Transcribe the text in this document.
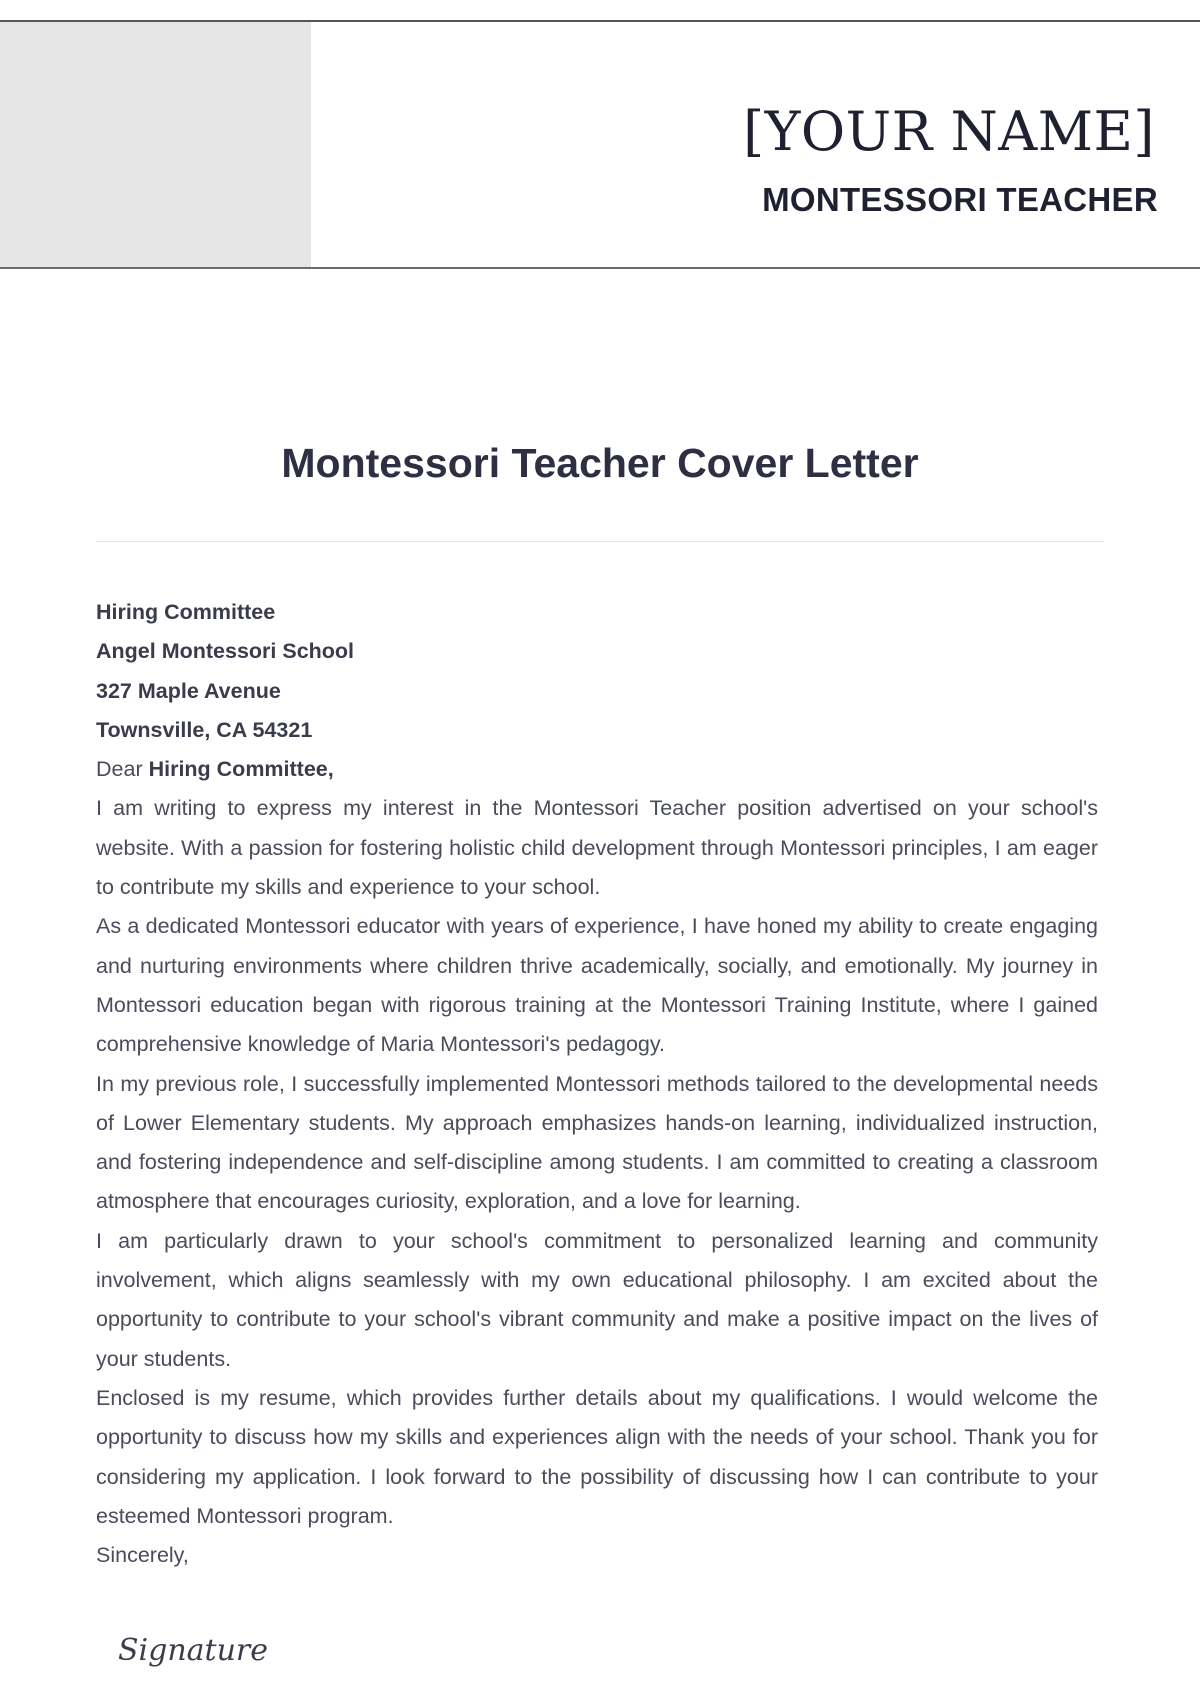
[YOUR NAME]
MONTESSORI TEACHER
Montessori Teacher Cover Letter
Hiring Committee
Angel Montessori School
327 Maple Avenue
Townsville, CA 54321
Dear Hiring Committee,

I am writing to express my interest in the Montessori Teacher position advertised on your school's website. With a passion for fostering holistic child development through Montessori principles, I am eager to contribute my skills and experience to your school.

As a dedicated Montessori educator with years of experience, I have honed my ability to create engaging and nurturing environments where children thrive academically, socially, and emotionally. My journey in Montessori education began with rigorous training at the Montessori Training Institute, where I gained comprehensive knowledge of Maria Montessori's pedagogy.

In my previous role, I successfully implemented Montessori methods tailored to the developmental needs of Lower Elementary students. My approach emphasizes hands-on learning, individualized instruction, and fostering independence and self-discipline among students. I am committed to creating a classroom atmosphere that encourages curiosity, exploration, and a love for learning.

I am particularly drawn to your school's commitment to personalized learning and community involvement, which aligns seamlessly with my own educational philosophy. I am excited about the opportunity to contribute to your school's vibrant community and make a positive impact on the lives of your students.

Enclosed is my resume, which provides further details about my qualifications. I would welcome the opportunity to discuss how my skills and experiences align with the needs of your school. Thank you for considering my application. I look forward to the possibility of discussing how I can contribute to your esteemed Montessori program.

Sincerely,
Signature
